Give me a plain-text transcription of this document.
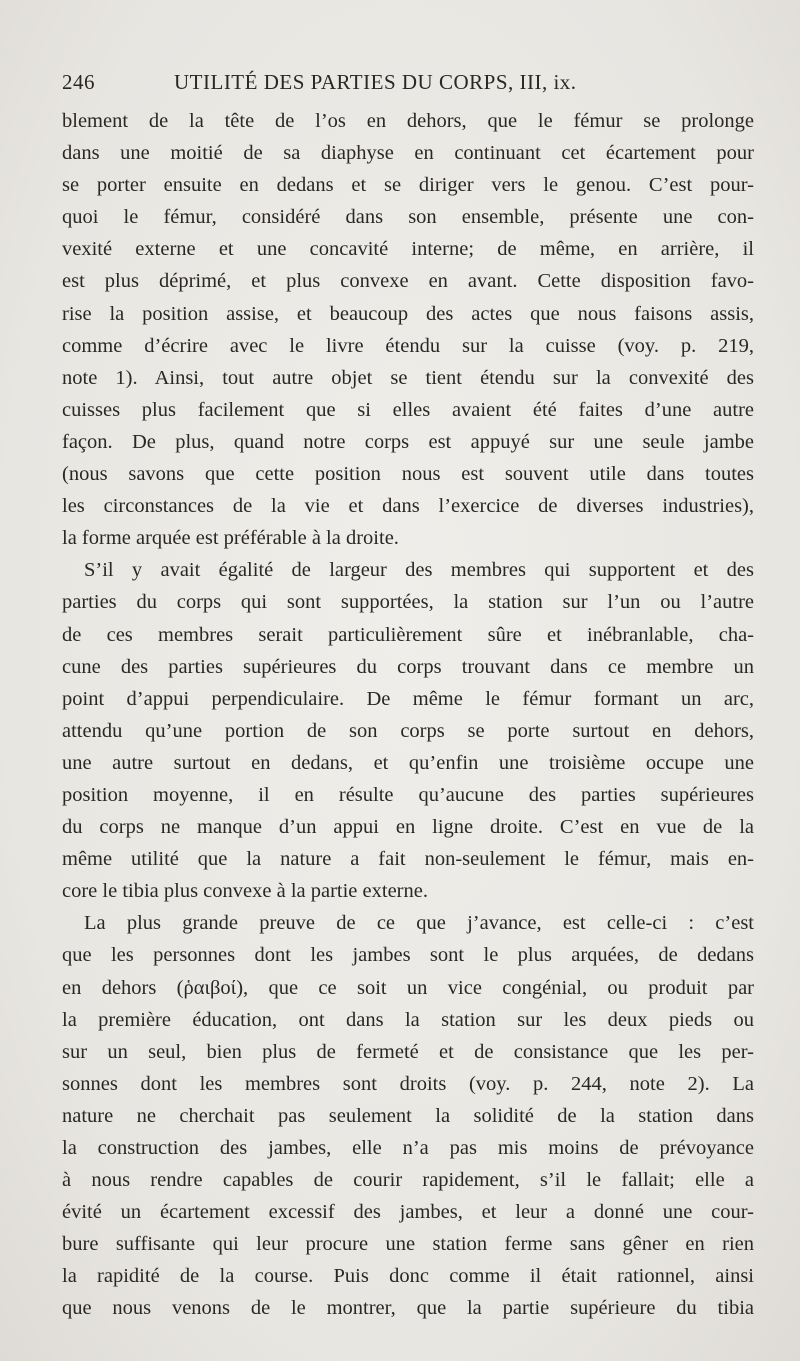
246	UTILITÉ DES PARTIES DU CORPS, III, ix.
blement de la tête de l’os en dehors, que le fémur se prolonge
dans une moitié de sa diaphyse en continuant cet écartement pour
se porter ensuite en dedans et se diriger vers le genou. C’est pour-
quoi le fémur, considéré dans son ensemble, présente une con-
vexité externe et une concavité interne; de même, en arrière, il
est plus déprimé, et plus convexe en avant. Cette disposition favo-
rise la position assise, et beaucoup des actes que nous faisons assis,
comme d’écrire avec le livre étendu sur la cuisse (voy. p. 219,
note 1). Ainsi, tout autre objet se tient étendu sur la convexité des
cuisses plus facilement que si elles avaient été faites d’une autre
façon. De plus, quand notre corps est appuyé sur une seule jambe
(nous savons que cette position nous est souvent utile dans toutes
les circonstances de la vie et dans l’exercice de diverses industries),
la forme arquée est préférable à la droite.
S’il y avait égalité de largeur des membres qui supportent et des
parties du corps qui sont supportées, la station sur l’un ou l’autre
de ces membres serait particulièrement sûre et inébranlable, cha-
cune des parties supérieures du corps trouvant dans ce membre un
point d’appui perpendiculaire. De même le fémur formant un arc,
attendu qu’une portion de son corps se porte surtout en dehors,
une autre surtout en dedans, et qu’enfin une troisième occupe une
position moyenne, il en résulte qu’aucune des parties supérieures
du corps ne manque d’un appui en ligne droite. C’est en vue de la
même utilité que la nature a fait non-seulement le fémur, mais en-
core le tibia plus convexe à la partie externe.
La plus grande preuve de ce que j’avance, est celle-ci : c’est
que les personnes dont les jambes sont le plus arquées, de dedans
en dehors (ῥαιβοί), que ce soit un vice congénial, ou produit par
la première éducation, ont dans la station sur les deux pieds ou
sur un seul, bien plus de fermeté et de consistance que les per-
sonnes dont les membres sont droits (voy. p. 244, note 2). La
nature ne cherchait pas seulement la solidité de la station dans
la construction des jambes, elle n’a pas mis moins de prévoyance
à nous rendre capables de courir rapidement, s’il le fallait; elle a
évité un écartement excessif des jambes, et leur a donné une cour-
bure suffisante qui leur procure une station ferme sans gêner en rien
la rapidité de la course. Puis donc comme il était rationnel, ainsi
que nous venons de le montrer, que la partie supérieure du tibia
